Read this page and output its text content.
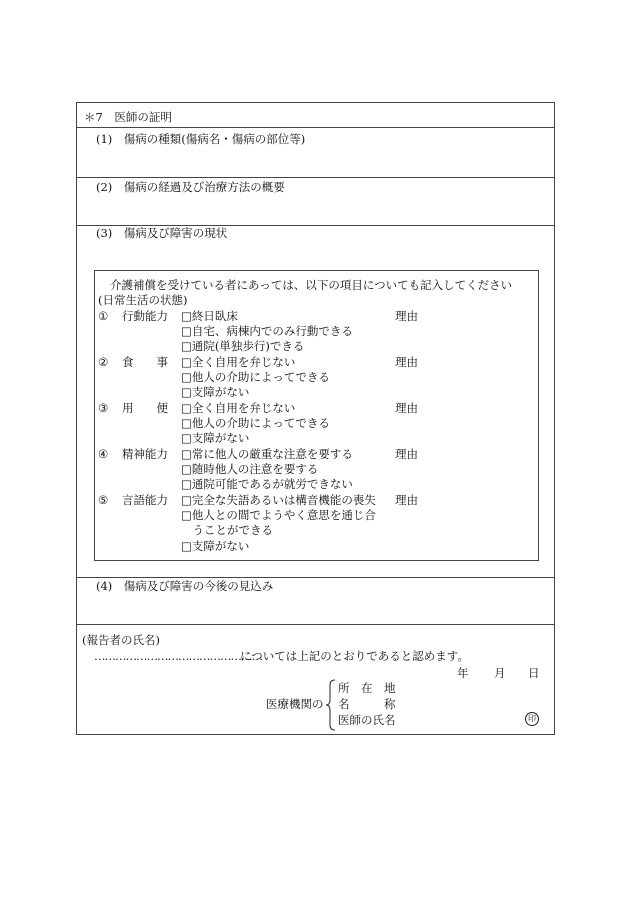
＊7　医師の証明
(1)　傷病の種類(傷病名・傷病の部位等)
(2)　傷病の経過及び治療方法の概要
(3)　傷病及び障害の現状
介護補償を受けている者にあっては、以下の項目についても記入してください
(日常生活の状態)
① 行動能力 □終日臥床
□自宅、病棟内でのみ行動できる
□通院(単独歩行)できる
理由
② 食　　事 □全く自用を弁じない
□他人の介助によってできる
□支障がない
理由
③ 用　　便 □全く自用を弁じない
□他人の介助によってできる
□支障がない
理由
④ 精神能力 □常に他人の厳重な注意を要する
□随時他人の注意を要する
□通院可能であるが就労できない
理由
⑤ 言語能力 □完全な失語あるいは構音機能の喪失
□他人との間でようやく意思を通じ合
　うことができる
□支障がない
理由
(4)　傷病及び障害の今後の見込み
(報告者の氏名)
…………………………………………
については上記のとおりであると認めます。
年 月 日
医療機関の
所　在　地
名　　　称
医師の氏名	印
